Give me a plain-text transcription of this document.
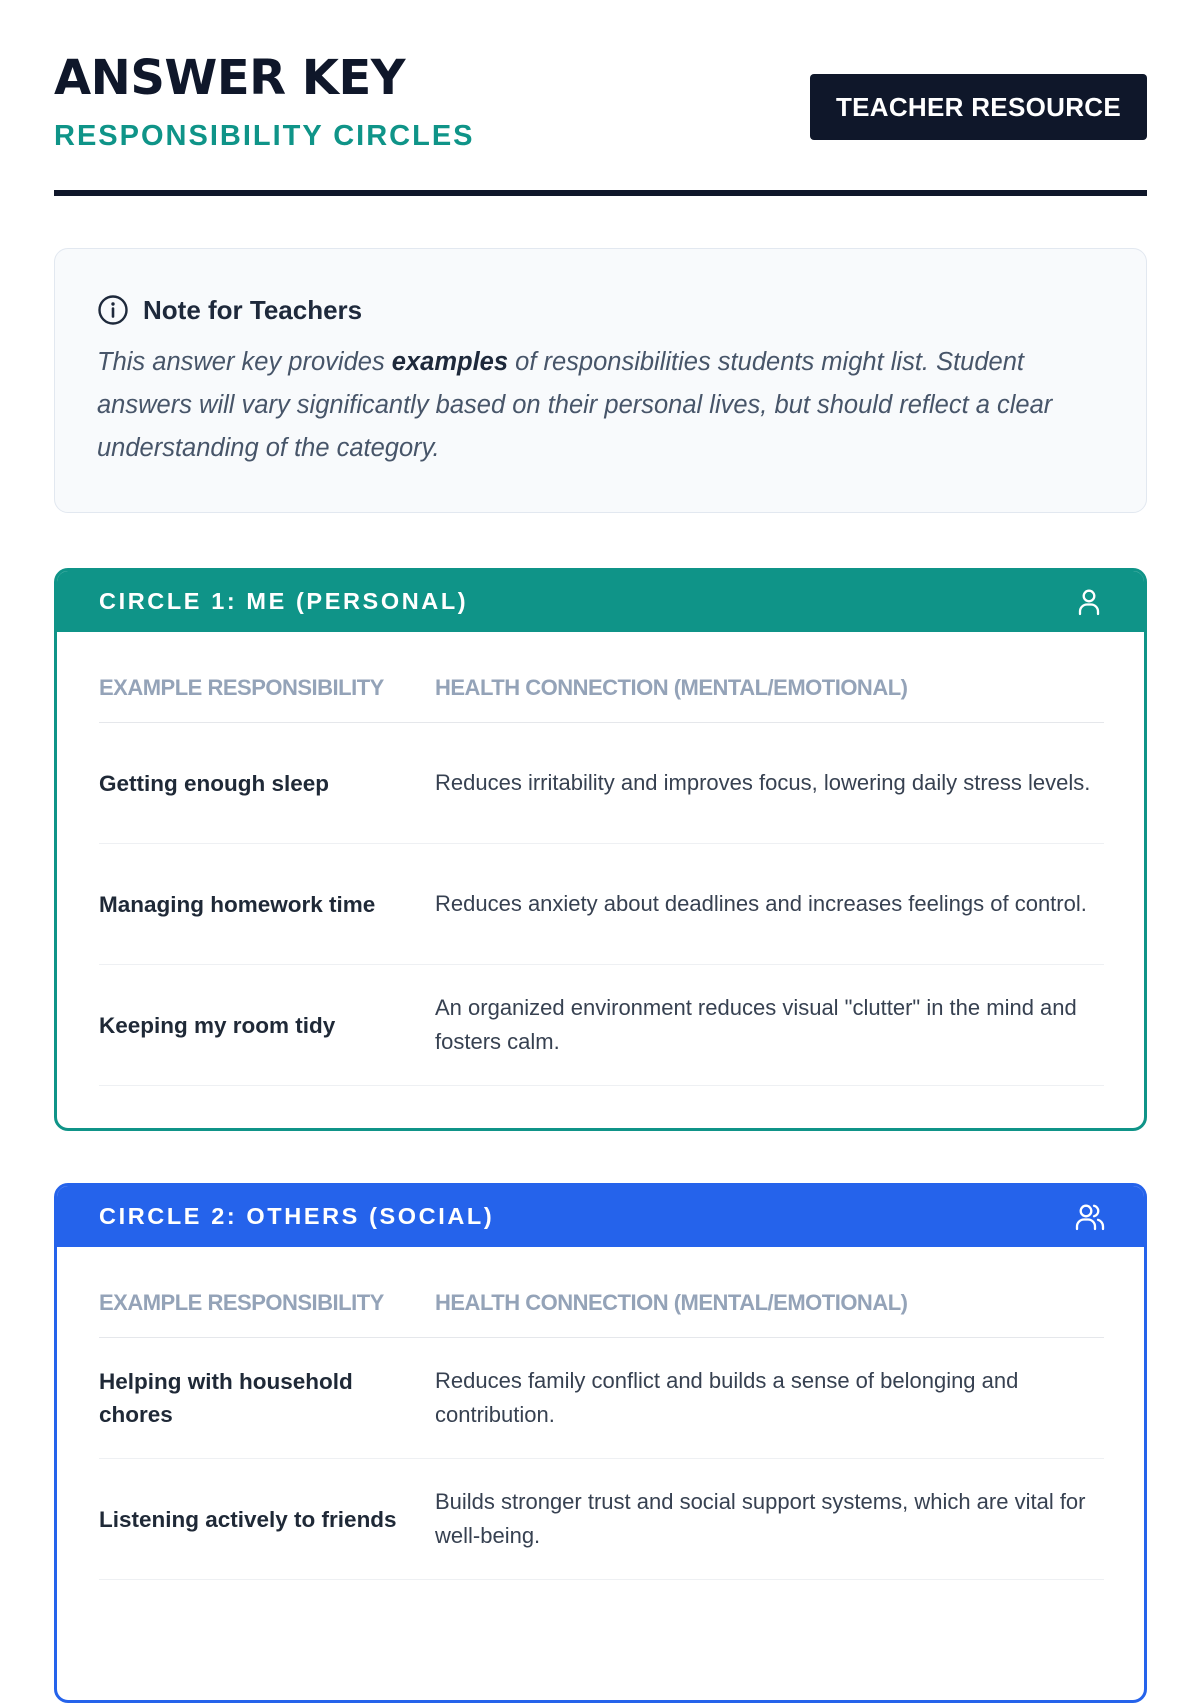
ANSWER KEY
RESPONSIBILITY CIRCLES
TEACHER RESOURCE
Note for Teachers
This answer key provides examples of responsibilities students might list. Student answers will vary significantly based on their personal lives, but should reflect a clear understanding of the category.
CIRCLE 1: ME (PERSONAL)
EXAMPLE RESPONSIBILITY	HEALTH CONNECTION (MENTAL/EMOTIONAL)
Getting enough sleep	Reduces irritability and improves focus, lowering daily stress levels.
Managing homework time	Reduces anxiety about deadlines and increases feelings of control.
Keeping my room tidy	An organized environment reduces visual "clutter" in the mind and fosters calm.
CIRCLE 2: OTHERS (SOCIAL)
EXAMPLE RESPONSIBILITY	HEALTH CONNECTION (MENTAL/EMOTIONAL)
Helping with household chores	Reduces family conflict and builds a sense of belonging and contribution.
Listening actively to friends	Builds stronger trust and social support systems, which are vital for well-being.
